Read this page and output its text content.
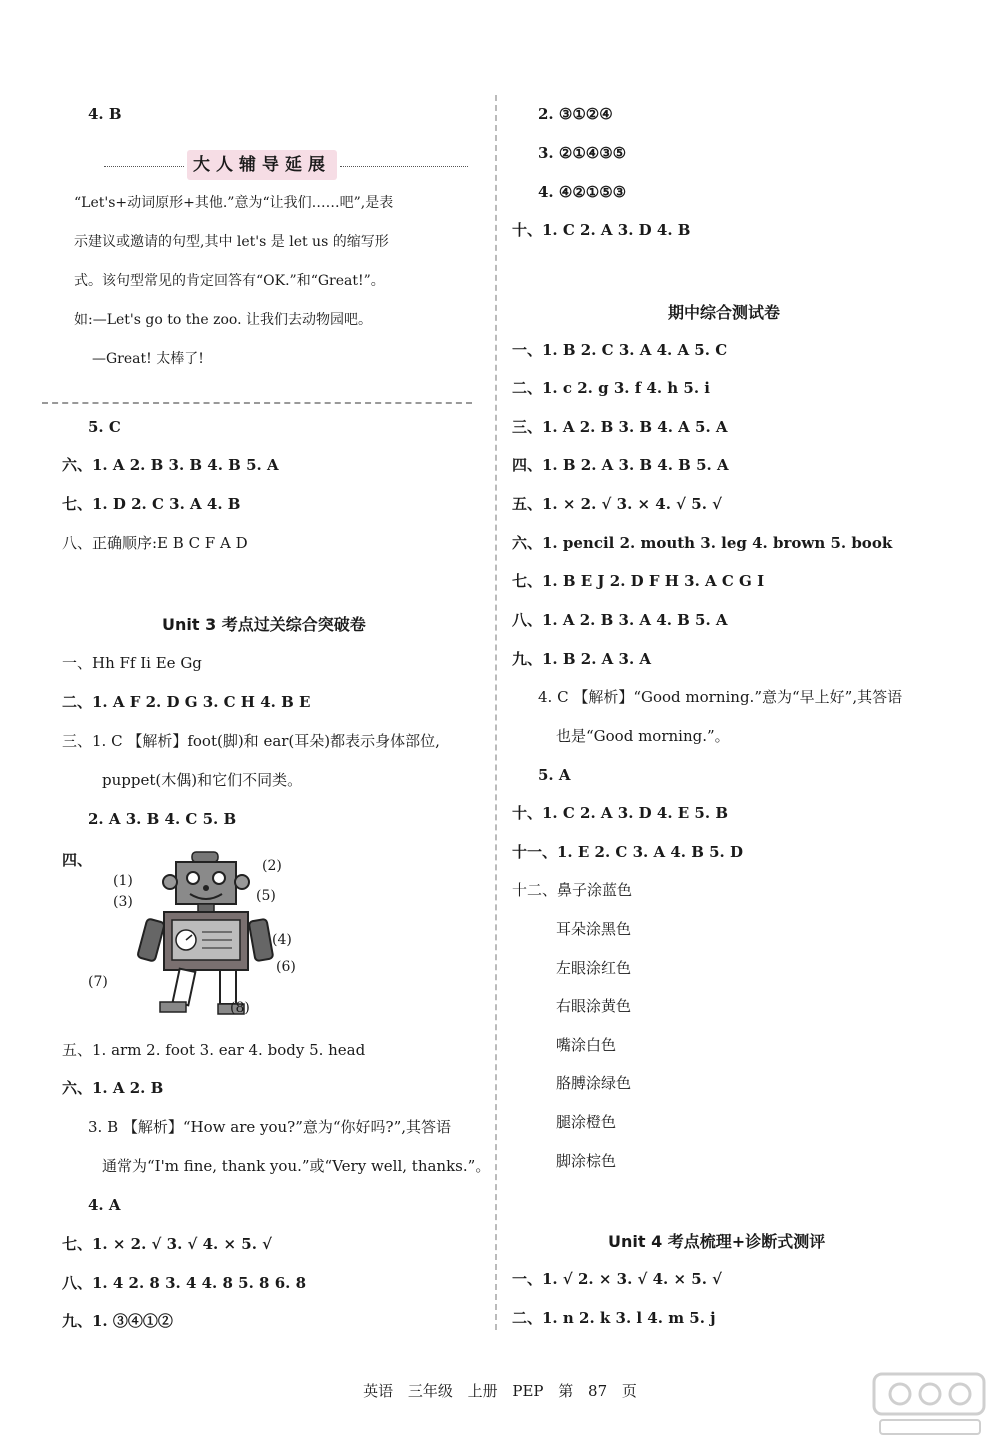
4. B
大人辅导延展
“Let's+动词原形+其他.”意为“让我们……吧”,是表
示建议或邀请的句型,其中 let's 是 let us 的缩写形
式。该句型常见的肯定回答有“OK.”和“Great!”。
如:—Let's go to the zoo. 让我们去动物园吧。
—Great! 太棒了!
5. C
六、1. A 2. B 3. B 4. B 5. A
七、1. D 2. C 3. A 4. B
八、正确顺序:E B C F A D
Unit 3 考点过关综合突破卷
一、Hh Ff Ii Ee Gg
二、1. A F 2. D G 3. C H 4. B E
三、1. C 【解析】foot(脚)和 ear(耳朵)都表示身体部位,
puppet(木偶)和它们不同类。
2. A 3. B 4. C 5. B
四、
(1)
(2)
(3)
(4)
(5)
(6)
(7)
(8)
五、1. arm 2. foot 3. ear 4. body 5. head
六、1. A 2. B
3. B 【解析】“How are you?”意为“你好吗?”,其答语
通常为“I'm fine, thank you.”或“Very well, thanks.”。
4. A
七、1. × 2. √ 3. √ 4. × 5. √
八、1. 4 2. 8 3. 4 4. 8 5. 8 6. 8
九、1. ③④①②
2. ③①②④
3. ②①④③⑤
4. ④②①⑤③
十、1. C 2. A 3. D 4. B
期中综合测试卷
一、1. B 2. C 3. A 4. A 5. C
二、1. c 2. g 3. f 4. h 5. i
三、1. A 2. B 3. B 4. A 5. A
四、1. B 2. A 3. B 4. B 5. A
五、1. × 2. √ 3. × 4. √ 5. √
六、1. pencil 2. mouth 3. leg 4. brown 5. book
七、1. B E J 2. D F H 3. A C G I
八、1. A 2. B 3. A 4. B 5. A
九、1. B 2. A 3. A
4. C 【解析】“Good morning.”意为“早上好”,其答语
也是“Good morning.”。
5. A
十、1. C 2. A 3. D 4. E 5. B
十一、1. E 2. C 3. A 4. B 5. D
十二、鼻子涂蓝色
耳朵涂黑色
左眼涂红色
右眼涂黄色
嘴涂白色
胳膊涂绿色
腿涂橙色
脚涂棕色
Unit 4 考点梳理+诊断式测评
一、1. √ 2. × 3. √ 4. × 5. √
二、1. n 2. k 3. l 4. m 5. j
英语 三年级 上册 PEP 第 87 页
